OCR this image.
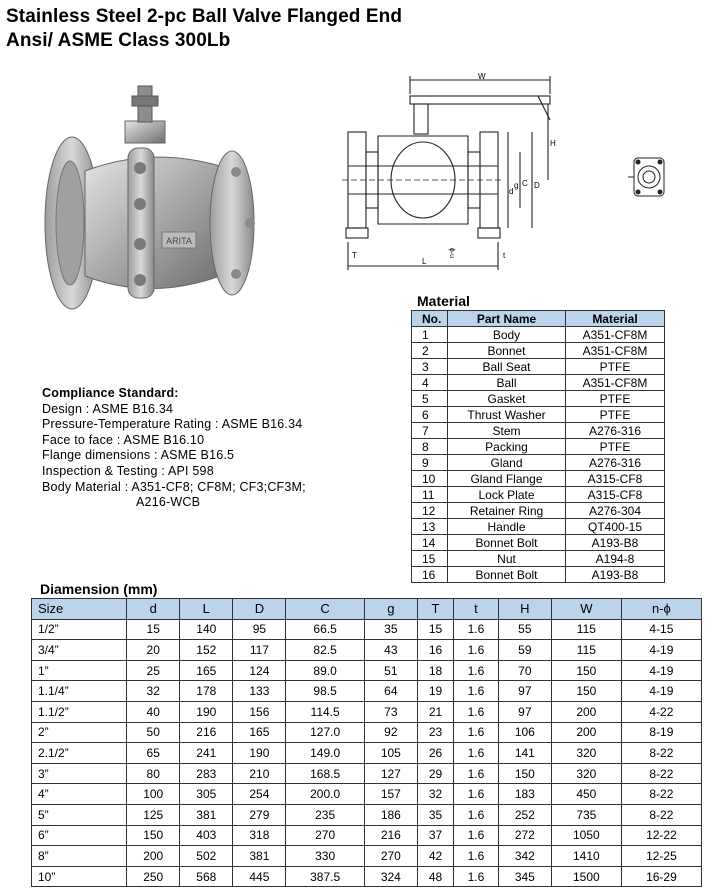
Stainless Steel 2-pc Ball Valve Flanged End
Ansi/ ASME Class 300Lb
ARITA
W
d
g C D
H
L
T	t
n-ϕ
Compliance Standard:
Design : ASME B16.34
Pressure-Temperature Rating : ASME B16.34
Face to face : ASME B16.10
Flange dimensions : ASME B16.5
Inspection & Testing : API 598
Body Material : A351-CF8; CF8M; CF3;CF3M;
A216-WCB
Material
No.	Part Name	Material
1	Body	A351-CF8M
2	Bonnet	A351-CF8M
3	Ball Seat	PTFE
4	Ball	A351-CF8M
5	Gasket	PTFE
6	Thrust Washer	PTFE
7	Stem	A276-316
8	Packing	PTFE
9	Gland	A276-316
10	Gland Flange	A315-CF8
11	Lock Plate	A315-CF8
12	Retainer Ring	A276-304
13	Handle	QT400-15
14	Bonnet Bolt	A193-B8
15	Nut	A194-8
16	Bonnet Bolt	A193-B8
Diamension (mm)
Size	d	L	D	C	g	T	t	H	W	n-ϕ
1/2”	15	140	95	66.5	35	15	1.6	55	115	4-15
3/4”	20	152	117	82.5	43	16	1.6	59	115	4-19
1”	25	165	124	89.0	51	18	1.6	70	150	4-19
1.1/4”	32	178	133	98.5	64	19	1.6	97	150	4-19
1.1/2”	40	190	156	114.5	73	21	1.6	97	200	4-22
2”	50	216	165	127.0	92	23	1.6	106	200	8-19
2.1/2”	65	241	190	149.0	105	26	1.6	141	320	8-22
3”	80	283	210	168.5	127	29	1.6	150	320	8-22
4”	100	305	254	200.0	157	32	1.6	183	450	8-22
5”	125	381	279	235	186	35	1.6	252	735	8-22
6”	150	403	318	270	216	37	1.6	272	1050	12-22
8”	200	502	381	330	270	42	1.6	342	1410	12-25
10”	250	568	445	387.5	324	48	1.6	345	1500	16-29
